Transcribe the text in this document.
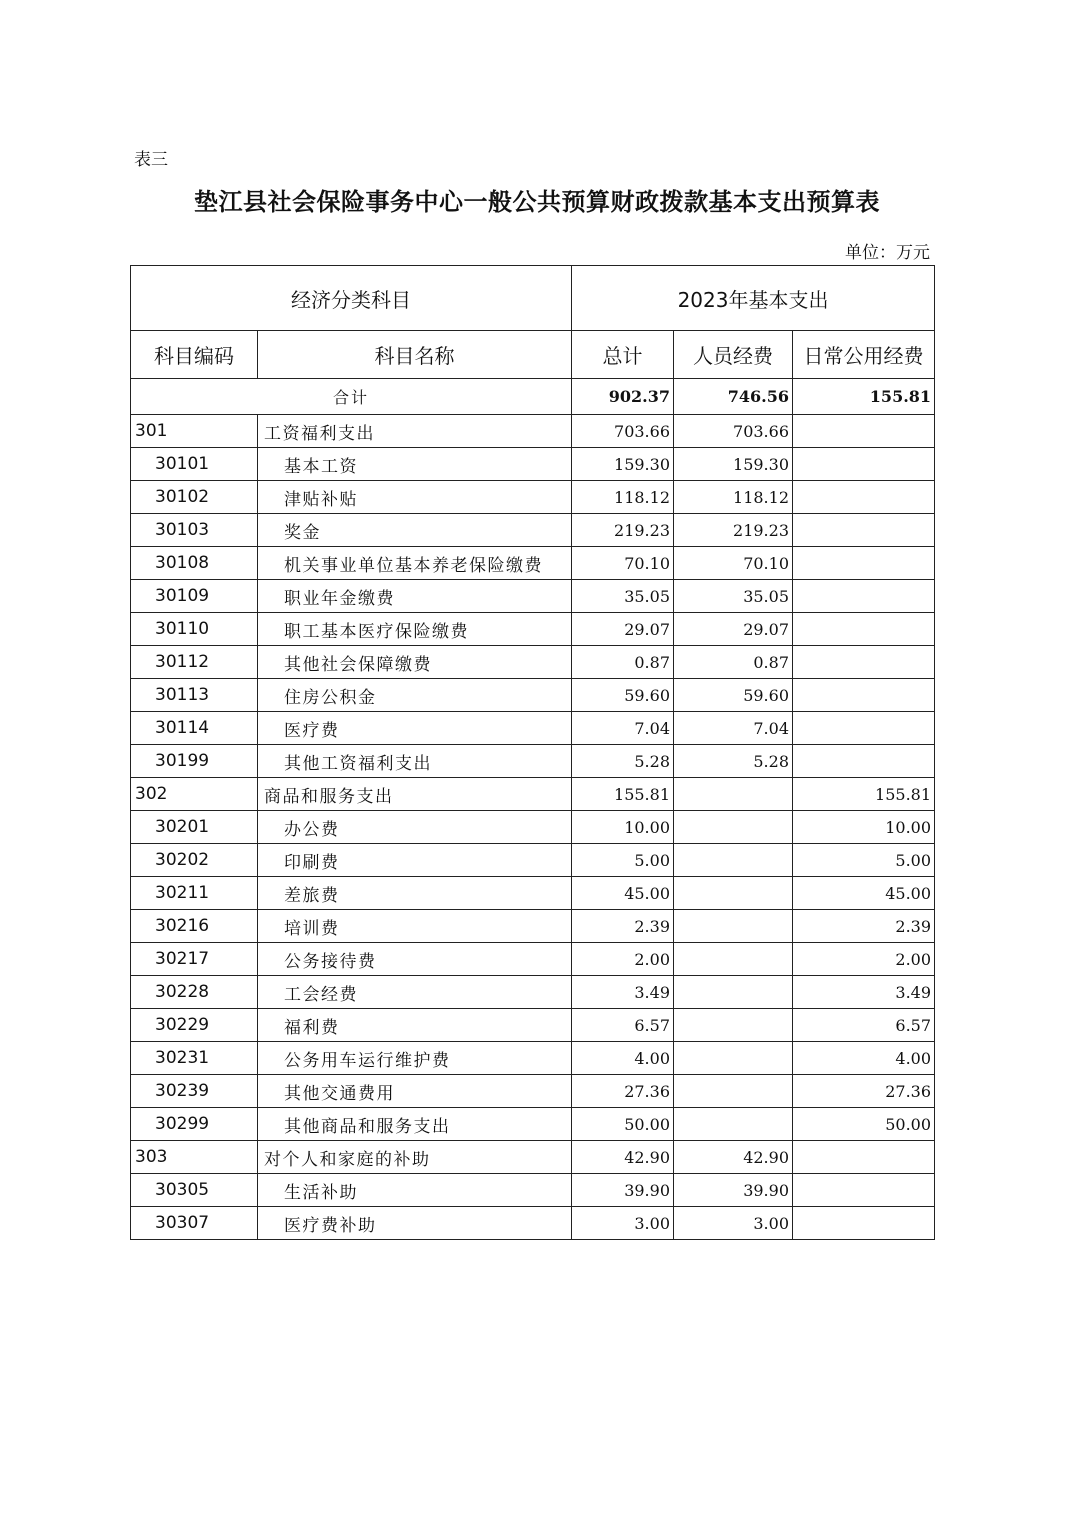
表三
垫江县社会保险事务中心一般公共预算财政拨款基本支出预算表
单位：万元
经济分类科目		2023年基本支出		
科目编码	科目名称	总计	人员经费	日常公用经费
合计		902.37	746.56	155.81
301	工资福利支出	703.66	703.66	
30101	基本工资	159.30	159.30	
30102	津贴补贴	118.12	118.12	
30103	奖金	219.23	219.23	
30108	机关事业单位基本养老保险缴费	70.10	70.10	
30109	职业年金缴费	35.05	35.05	
30110	职工基本医疗保险缴费	29.07	29.07	
30112	其他社会保障缴费	0.87	0.87	
30113	住房公积金	59.60	59.60	
30114	医疗费	7.04	7.04	
30199	其他工资福利支出	5.28	5.28	
302	商品和服务支出	155.81		155.81
30201	办公费	10.00		10.00
30202	印刷费	5.00		5.00
30211	差旅费	45.00		45.00
30216	培训费	2.39		2.39
30217	公务接待费	2.00		2.00
30228	工会经费	3.49		3.49
30229	福利费	6.57		6.57
30231	公务用车运行维护费	4.00		4.00
30239	其他交通费用	27.36		27.36
30299	其他商品和服务支出	50.00		50.00
303	对个人和家庭的补助	42.90	42.90	
30305	生活补助	39.90	39.90	
30307	医疗费补助	3.00	3.00	
